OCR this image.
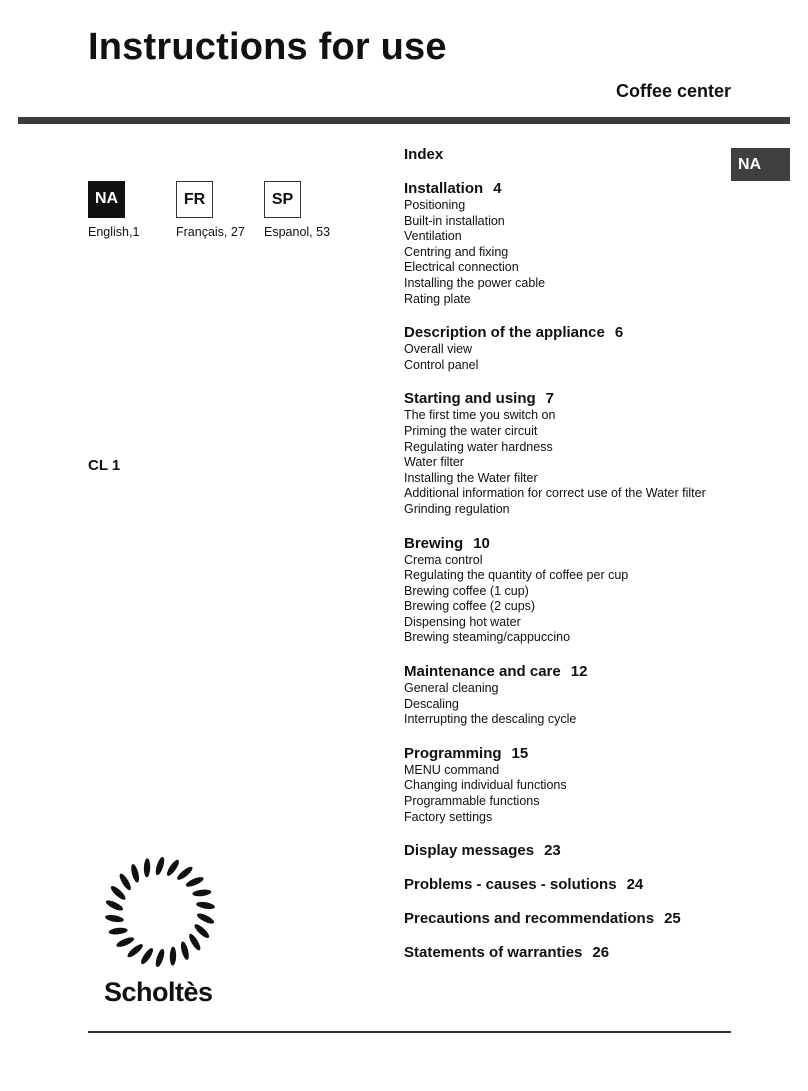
Instructions for use
Coffee center
NA
NA	FR	SP
English,1	Français, 27 Espanol, 53
CL 1
Index
Installation 4
Positioning
Built-in installation
Ventilation
Centring and fixing
Electrical connection
Installing the power cable
Rating plate
Description of the appliance 6
Overall view
Control panel
Starting and using 7
The first time you switch on
Priming the water circuit
Regulating water hardness
Water filter
Installing the Water filter
Additional information for correct use of the Water filter
Grinding regulation
Brewing 10
Crema control
Regulating the quantity of coffee per cup
Brewing coffee (1 cup)
Brewing coffee (2 cups)
Dispensing hot water
Brewing steaming/cappuccino
Maintenance and care 12
General cleaning
Descaling
Interrupting the descaling cycle
Programming 15
MENU command
Changing individual functions
Programmable functions
Factory settings
Display messages 23
Problems - causes - solutions 24
Precautions and recommendations 25
Statements of warranties 26
Scholtès
